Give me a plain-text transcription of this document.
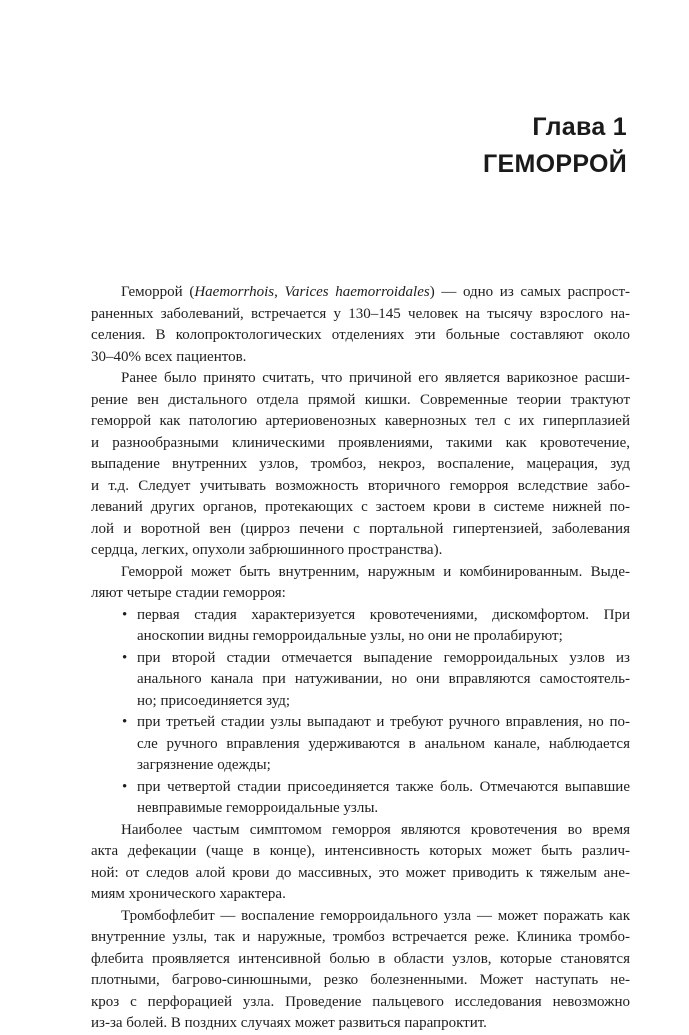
Глава 1
ГЕМОРРОЙ

Геморрой (Haemorrhois, Varices haemorroidales) — одно из самых распрост-
раненных заболеваний, встречается у 130–145 человек на тысячу взрослого на-
селения. В колопроктологических отделениях эти больные составляют около
30–40% всех пациентов.

Ранее было принято считать, что причиной его является варикозное расши-
рение вен дистального отдела прямой кишки. Современные теории трактуют
геморрой как патологию артериовенозных кавернозных тел с их гиперплазией
и разнообразными клиническими проявлениями, такими как кровотечение,
выпадение внутренних узлов, тромбоз, некроз, воспаление, мацерация, зуд
и т.д. Следует учитывать возможность вторичного геморроя вследствие забо-
леваний других органов, протекающих с застоем крови в системе нижней по-
лой и воротной вен (цирроз печени с портальной гипертензией, заболевания
сердца, легких, опухоли забрюшинного пространства).

Геморрой может быть внутренним, наружным и комбинированным. Выде-
ляют четыре стадии геморроя:

• первая стадия характеризуется кровотечениями, дискомфортом. При
аноскопии видны геморроидальные узлы, но они не пролабируют;
• при второй стадии отмечается выпадение геморроидальных узлов из
анального канала при натуживании, но они вправляются самостоятель-
но; присоединяется зуд;
• при третьей стадии узлы выпадают и требуют ручного вправления, но по-
сле ручного вправления удерживаются в анальном канале, наблюдается
загрязнение одежды;
• при четвертой стадии присоединяется также боль. Отмечаются выпавшие
невправимые геморроидальные узлы.

Наиболее частым симптомом геморроя являются кровотечения во время
акта дефекации (чаще в конце), интенсивность которых может быть различ-
ной: от следов алой крови до массивных, это может приводить к тяжелым ане-
миям хронического характера.

Тромбофлебит — воспаление геморроидального узла — может поражать как
внутренние узлы, так и наружные, тромбоз встречается реже. Клиника тромбо-
флебита проявляется интенсивной болью в области узлов, которые становятся
плотными, багрово-синюшными, резко болезненными. Может наступать не-
кроз с перфорацией узла. Проведение пальцевого исследования невозможно
из-за болей. В поздних случаях может развиться парапроктит.
